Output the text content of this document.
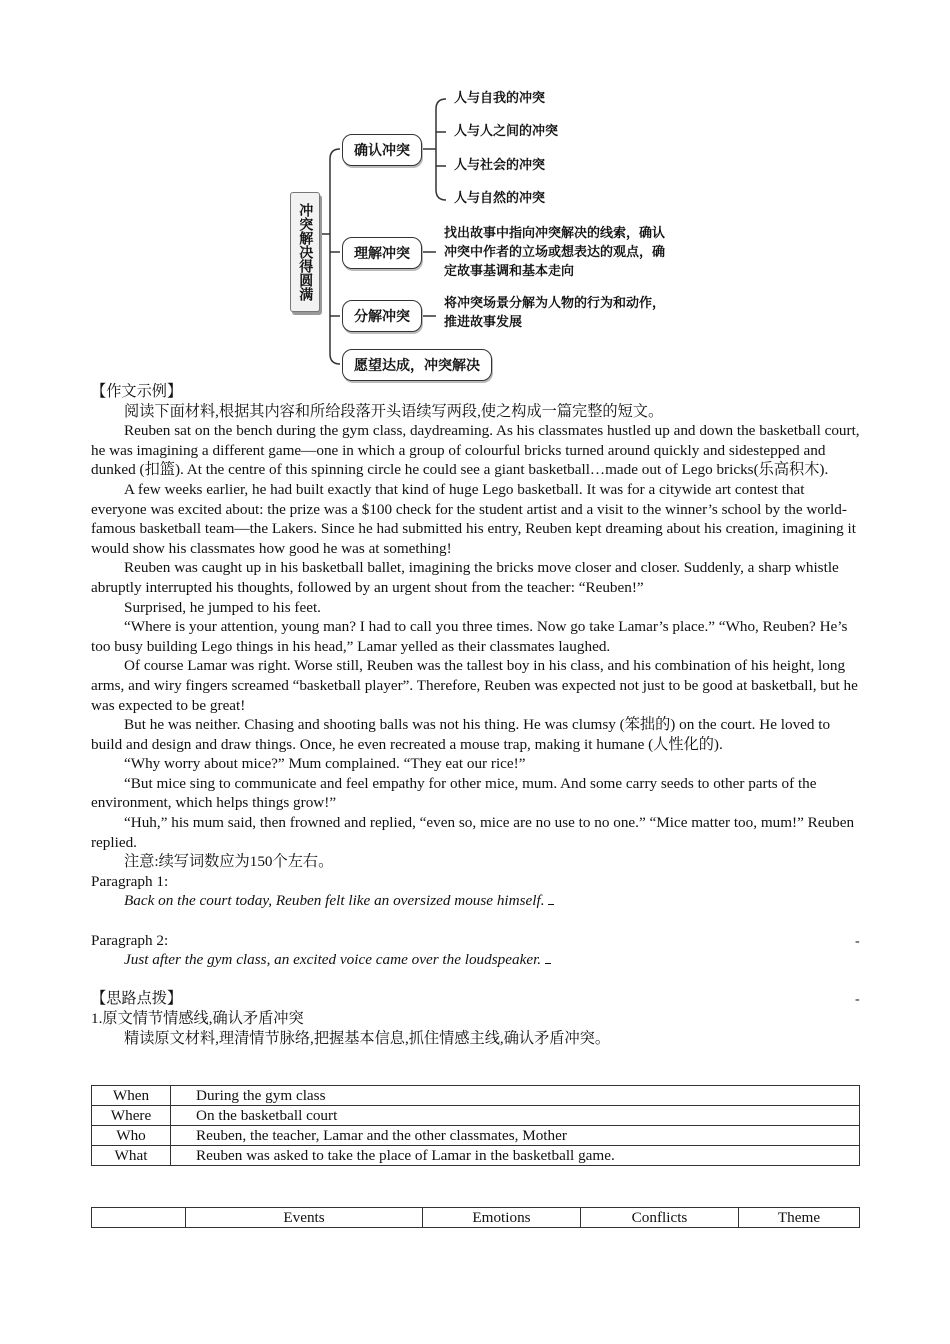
冲突解决得圆满
确认冲突
人与自我的冲突
人与人之间的冲突
人与社会的冲突
人与自然的冲突
理解冲突
找出故事中指向冲突解决的线索，确认冲突中作者的立场或想表达的观点，确定故事基调和基本走向
分解冲突
将冲突场景分解为人物的行为和动作，推进故事发展
愿望达成，冲突解决

【作文示例】

阅读下面材料,根据其内容和所给段落开头语续写两段,使之构成一篇完整的短文。

Reuben sat on the bench during the gym class, daydreaming. As his classmates hustled up and down the basketball court, he was imagining a different game—one in which a group of colourful bricks turned around quickly and sidestepped and dunked (扣篮). At the centre of this spinning circle he could see a giant basketball…made out of Lego bricks(乐高积木).

A few weeks earlier, he had built exactly that kind of huge Lego basketball. It was for a citywide art contest that everyone was excited about: the prize was a $100 check for the student artist and a visit to the winner’s school by the world-famous basketball team—the Lakers. Since he had submitted his entry, Reuben kept dreaming about his creation, imagining it would show his classmates how good he was at something!

Reuben was caught up in his basketball ballet, imagining the bricks move closer and closer. Suddenly, a sharp whistle abruptly interrupted his thoughts, followed by an urgent shout from the teacher: “Reuben!”

Surprised, he jumped to his feet.

“Where is your attention, young man? I had to call you three times. Now go take Lamar’s place.” “Who, Reuben? He’s too busy building Lego things in his head,” Lamar yelled as their classmates laughed.

Of course Lamar was right. Worse still, Reuben was the tallest boy in his class, and his combination of his height, long arms, and wiry fingers screamed “basketball player”. Therefore, Reuben was expected not just to be good at basketball, but he was expected to be great!

But he was neither. Chasing and shooting balls was not his thing. He was clumsy (笨拙的) on the court. He loved to build and design and draw things. Once, he even recreated a mouse trap, making it humane (人性化的).

“Why worry about mice?” Mum complained. “They eat our rice!”

“But mice sing to communicate and feel empathy for other mice, mum. And some carry seeds to other parts of the environment, which helps things grow!”

“Huh,” his mum said, then frowned and replied, “even so, mice are no use to no one.” “Mice matter too, mum!” Reuben replied.

注意:续写词数应为150个左右。

Paragraph 1:

Back on the court today, Reuben felt like an oversized mouse himself.

Paragraph 2:

Just after the gym class, an excited voice came over the loudspeaker.

【思路点拨】

1.原文情节情感线,确认矛盾冲突

精读原文材料,理清情节脉络,把握基本信息,抓住情感主线,确认矛盾冲突。

-
-
When	During the gym class
Where	On the basketball court
Who	Reuben, the teacher, Lamar and the other classmates, Mother
What	Reuben was asked to take the place of Lamar in the basketball game.
	Events	Emotions	Conflicts	Theme
